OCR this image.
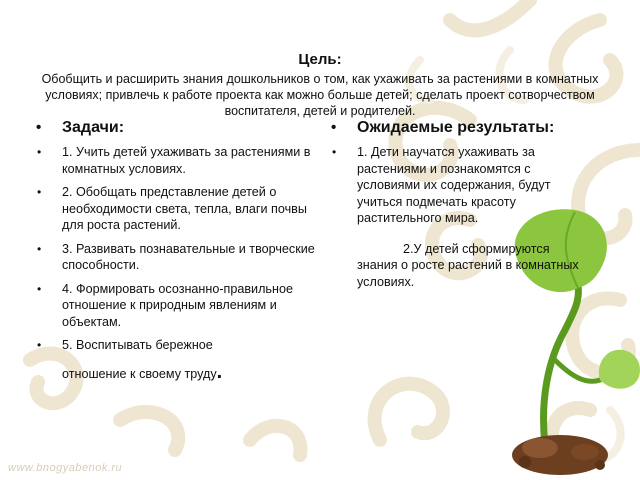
Цель:
Обобщить и расширить знания дошкольников о том, как ухаживать за растениями в комнатных условиях; привлечь к работе проекта как можно больше детей; сделать проект сотворчеством воспитателя, детей и родителей.
• Задачи:
• 1. Учить детей ухаживать за растениями в комнатных условиях.
• 2. Обобщать представление детей о необходимости света, тепла, влаги почвы для роста растений.
• 3. Развивать познавательные и творческие способности.
• 4. Формировать осознанно-правильное отношение к природным явлениям и объектам.
• 5. Воспитывать бережное
отношение к своему труду.
• Ожидаемые результаты:
• 1. Дети научатся ухаживать за растениями и познакомятся с условиями их содержания, будут учиться подмечать красоту растительного мира.
2.У детей сформируются
знания о росте растений в комнатных условиях.
www.bnogyabenok.ru
